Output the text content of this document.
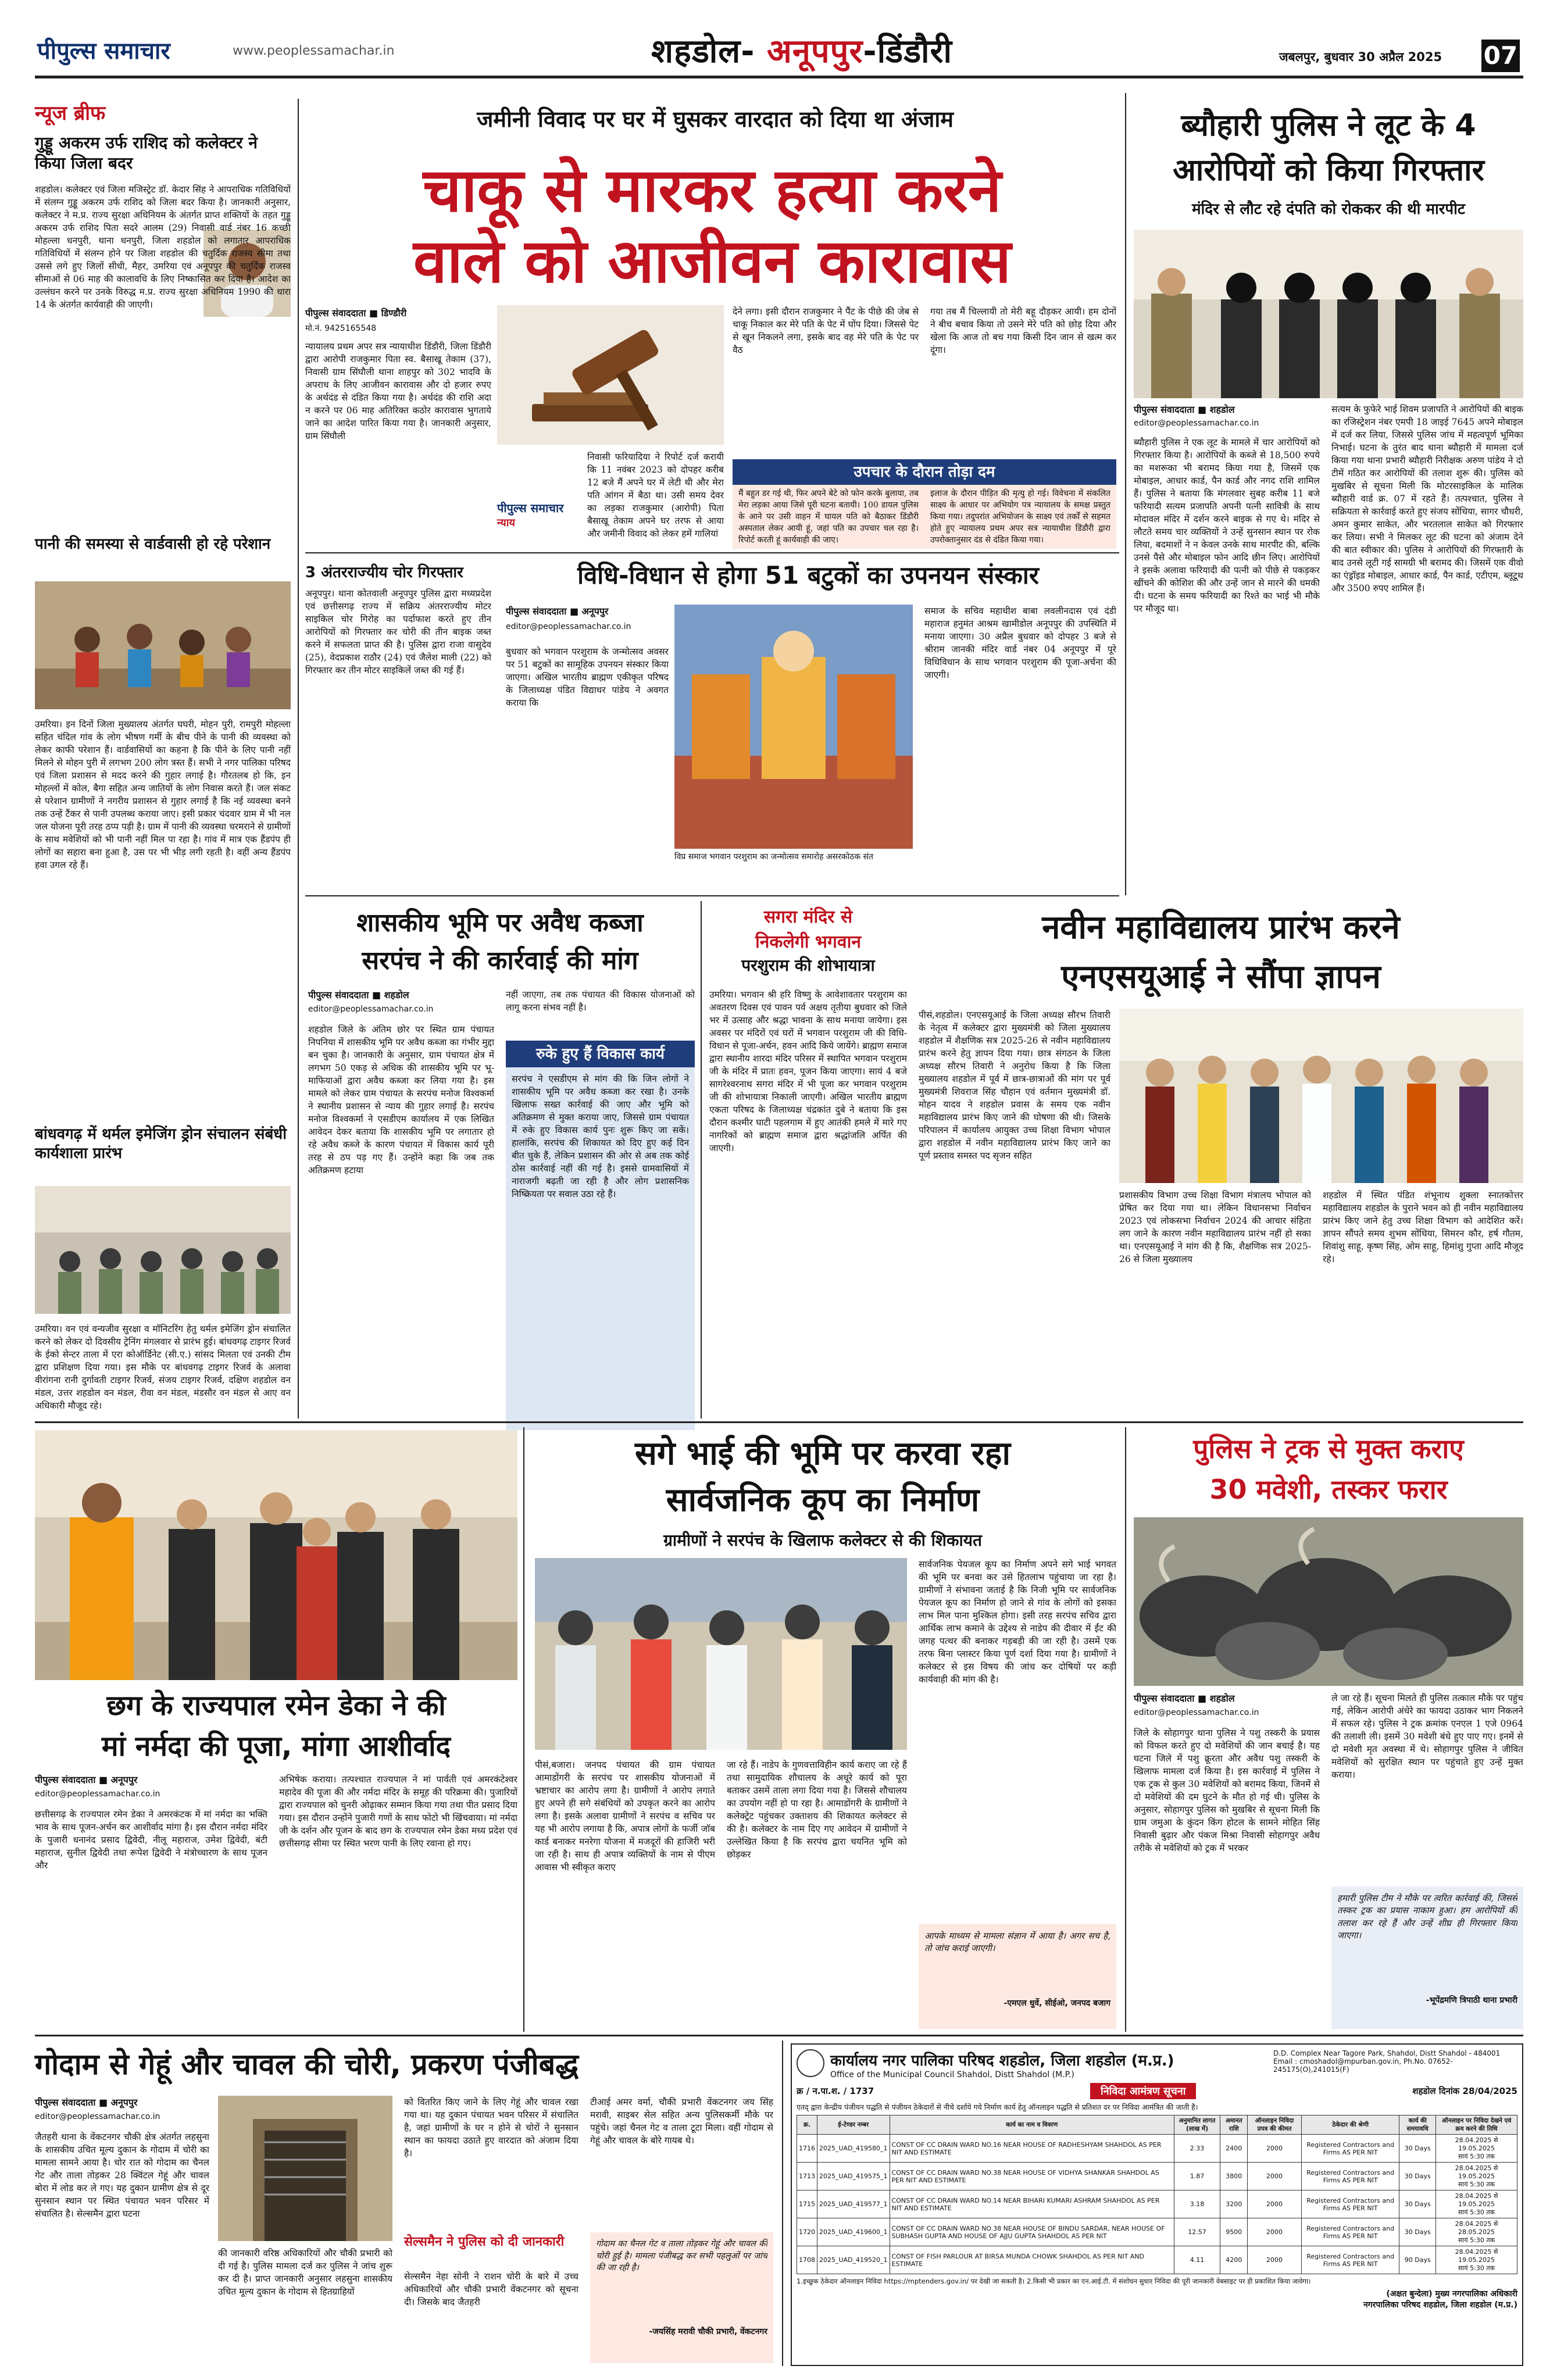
पीपुल्स समाचार	www.peoplessamachar.in	शहडोल- अनूपपुर-डिंडौरी	जबलपुर, बुधवार 30 अप्रैल 2025 07
न्यूज ब्रीफ
गुड्डू अकरम उर्फ राशिद को कलेक्टर ने किया जिला बदर
शहडोल। कलेक्टर एवं जिला मजिस्ट्रेट डॉ. केदार सिंह ने आपराधिक गतिविधियों में संलग्न गुड्डू अकरम उर्फ राशिद को जिला बदर किया है। जानकारी अनुसार, कलेक्टर ने म.प्र. राज्य सुरक्षा अधिनियम के अंतर्गत प्राप्त शक्तियों के तहत गुड्डू अकरम उर्फ राशिद पिता सदरे आलम (29) निवासी वार्ड नंबर 16 कच्छी मोहल्ला धनपुरी, थाना धनपुरी, जिला शहडोल को लगातार आपराधिक गतिविधियों में संलग्न होने पर जिला शहडोल की चतुर्दिक राजस्व सीमा तथा उससे लगे हुए जिलों सीधी, मैहर, उमरिया एवं अनूपपुर की चतुर्दिक राजस्व सीमाओं से 06 माह की कालावधि के लिए निष्कासित कर दिया है। आदेश का उल्लंघन करने पर उनके विरुद्ध म.प्र. राज्य सुरक्षा अधिनियम 1990 की धारा 14 के अंतर्गत कार्यवाही की जाएगी।
पानी की समस्या से वार्डवासी हो रहे परेशान
उमरिया। इन दिनों जिला मुख्यालय अंतर्गत घघरी, मोहन पुरी, रामपुरी मोहल्ला सहित चंदिल गांव के लोग भीषण गर्मी के बीच पीने के पानी की व्यवस्था को लेकर काफी परेशान हैं। वार्डवासियों का कहना है कि पीने के लिए पानी नहीं मिलने से मोहन पुरी में लगभग 200 लोग त्रस्त हैं। सभी ने नगर पालिका परिषद एवं जिला प्रशासन से मदद करने की गुहार लगाई है। गौरतलब हो कि, इन मोहल्लों में कोल, बैगा सहित अन्य जातियों के लोग निवास करते हैं। जल संकट से परेशान ग्रामीणों ने नगरीय प्रशासन से गुहार लगाई है कि नई व्यवस्था बनने तक उन्हें टैंकर से पानी उपलब्ध कराया जाए। इसी प्रकार चंदवार ग्राम में भी नल जल योजना पूरी तरह ठप्प पड़ी है। ग्राम में पानी की व्यवस्था चरमराने से ग्रामीणों के साथ मवेशियों को भी पानी नहीं मिल पा रहा है। गांव में मात्र एक हैंडपंप ही लोगों का सहारा बना हुआ है, उस पर भी भीड़ लगी रहती है। वहीं अन्य हैंडपंप हवा उगल रहे हैं।
बांधवगढ़ में थर्मल इमेजिंग ड्रोन संचालन संबंधी कार्यशाला प्रारंभ
उमरिया। वन एवं वन्यजीव सुरक्षा व मॉनिटरिंग हेतु थर्मल इमेजिंग ड्रोन संचालित करने को लेकर दो दिवसीय ट्रेनिंग मंगलवार से प्रारंभ हुई। बांधवगढ़ टाइगर रिजर्व के ईको सेन्टर ताला में एरा कोऑर्डिनेट (सी.ए.) सांसद मिलता एवं उनकी टीम द्वारा प्रशिक्षण दिया गया। इस मौके पर बांधवगढ़ टाइगर रिजर्व के अलावा वीरांगना रानी दुर्गावती टाइगर रिजर्व, संजय टाइगर रिजर्व, दक्षिण शहडोल वन मंडल, उत्तर शहडोल वन मंडल, रीवा वन मंडल, मंडसौर वन मंडल से आए वन अधिकारी मौजूद रहे।
जमीनी विवाद पर घर में घुसकर वारदात को दिया था अंजाम
चाकू से मारकर हत्या करने
वाले को आजीवन कारावास
पीपुल्स संवाददाता ■ डिण्डौरी
मो.नं. 9425165548
न्यायालय प्रथम अपर सत्र न्यायाधीश डिंडौरी, जिला डिंडौरी द्वारा आरोपी राजकुमार पिता स्व. बैसाखू तेकाम (37), निवासी ग्राम सिंघौली थाना शाहपुर को 302 भादवि के अपराध के लिए आजीवन कारावास और दो हजार रुपए के अर्थदंड से दंडित किया गया है। अर्थदंड की राशि अदा न करने पर 06 माह अतिरिक्त कठोर कारावास भुगताये जाने का आदेश पारित किया गया है। जानकारी अनुसार, ग्राम सिंघौली
पीपुल्स समाचार
न्याय
निवासी फरियादिया ने रिपोर्ट दर्ज करायी कि 11 नवंबर 2023 को दोपहर करीब 12 बजे मैं अपने घर में लेटी थी और मेरा पति आंगन में बैठा था। उसी समय देवर का लड़का राजकुमार (आरोपी) पिता बैसाखू तेकाम अपने घर तरफ से आया और जमीनी विवाद को लेकर हमें गालियां
देने लगा। इसी दौरान राजकुमार ने पैंट के पीछे की जेब से चाकू निकाल कर मेरे पति के पेट में घोंप दिया। जिससे पेट से खून निकलने लगा, इसके बाद वह मेरे पति के पेट पर वैठ
गया तब मैं चिल्लायी तो मेरी बहू दौड़कर आयी। हम दोनों ने बीच बचाव किया तो उसने मेरे पति को छोड़ दिया और खेला कि आज तो बच गया किसी दिन जान से खत्म कर दूंगा।
उपचार के दौरान तोड़ा दम
मैं बहुत डर गई थी, फिर अपने बेटे को फोन करके बुलाया, तब मेरा लड़का आया जिसे पूरी घटना बतायी। 100 डायल पुलिस के आने पर उसी वाहन में घायल पति को बैठाकर डिंडौरी अस्पताल लेकर आयी हूं, जहां पति का उपचार चल रहा है। रिपोर्ट करती हूं कार्यवाही की जाए।
इलाज के दौरान पीड़ित की मृत्यु हो गई। विवेचना में संकलित साक्ष्य के आधार पर अभियोग पत्र न्यायालय के समक्ष प्रस्तुत किया गया। तदुपरांत अभियोजन के साक्ष्य एवं तर्कों से सहमत होते हुए न्यायालय प्रथम अपर सत्र न्यायाधीश डिंडौरी द्वारा उपरोक्तानुसार दंड से दंडित किया गया।
3 अंतरराज्यीय चोर गिरफ्तार
अनूपपुर। थाना कोतवाली अनूपपुर पुलिस द्वारा मध्यप्रदेश एवं छत्तीसगढ़ राज्य में सक्रिय अंतरराज्यीय मोटर साइकिल चोर गिरोह का पर्दाफाश करते हुए तीन आरोपियों को गिरफ्तार कर चोरी की तीन बाइक जब्त करने में सफलता प्राप्त की है। पुलिस द्वारा राजा वासुदेव (25), वेदप्रकाश राठौर (24) एवं जैलेश माली (22) को गिरफ्तार कर तीन मोटर साइकिलें जब्त की गई हैं।
विधि-विधान से होगा 51 बटुकों का उपनयन संस्कार
पीपुल्स संवाददाता ■ अनूपपुर
editor@peoplessamachar.co.in
बुधवार को भगवान परशुराम के जन्मोत्सव अवसर पर 51 बटुकों का सामूहिक उपनयन संस्कार किया जाएगा। अखिल भारतीय ब्राह्मण एकीकृत परिषद के जिलाध्यक्ष पंडित विद्याधर पांडेय ने अवगत कराया कि
विप्र समाज भगवान परशुराम का जन्मोत्सव समारोह असरकोठक संत
समाज के सचिव महाधीश बाबा लवलीनदास एवं दंडी महाराज हनुमंत आश्रम खामीडोल अनूपपुर की उपस्थिति में मनाया जाएगा। 30 अप्रैल बुधवार को दोपहर 3 बजे से श्रीराम जानकी मंदिर वार्ड नंबर 04 अनूपपुर में पूरे विधिविधान के साथ भगवान परशुराम की पूजा-अर्चना की जाएगी।
ब्यौहारी पुलिस ने लूट के 4
आरोपियों को किया गिरफ्तार
मंदिर से लौट रहे दंपति को रोककर की थी मारपीट
पीपुल्स संवाददाता ■ शहडोल
editor@peoplessamachar.co.in
ब्यौहारी पुलिस ने एक लूट के मामले में चार आरोपियों को गिरफ्तार किया है। आरोपियों के कब्जे से 18,500 रुपये का मशरूका भी बरामद किया गया है, जिसमें एक मोबाइल, आधार कार्ड, पैन कार्ड और नगद राशि शामिल हैं। पुलिस ने बताया कि मंगलवार सुबह करीब 11 बजे फरियादी सत्यम प्रजापति अपनी पत्नी सावित्री के साथ मोदावल मंदिर में दर्शन करने बाइक से गए थे। मंदिर से लौटते समय चार व्यक्तियों ने उन्हें सुनसान स्थान पर रोक लिया, बदमाशों ने न केवल उनके साथ मारपीट की, बल्कि उनसे पैसे और मोबाइल फोन आदि छीन लिए। आरोपियों ने इसके अलावा फरियादी की पत्नी को पीछे से पकड़कर खींचने की कोशिश की और उन्हें जान से मारने की धमकी दी। घटना के समय फरियादी का रिश्ते का भाई भी मौके पर मौजूद था।
सत्यम के फुफेरे भाई शिवम प्रजापति ने आरोपियों की बाइक का रजिस्ट्रेशन नंबर एमपी 18 जाइई 7645 अपने मोबाइल में दर्ज कर लिया, जिससे पुलिस जांच में महत्वपूर्ण भूमिका निभाई। घटना के तुरंत बाद थाना ब्यौहारी में मामला दर्ज किया गया थाना प्रभारी ब्यौहारी निरीक्षक अरुण पांडेय ने दो टीमें गठित कर आरोपियों की तलाश शुरू की। पुलिस को मुखबिर से सूचना मिली कि मोटरसाइकिल के मालिक ब्यौहारी वार्ड क्र. 07 में रहते हैं। तत्पश्चात, पुलिस ने सक्रियता से कार्रवाई करते हुए संजय सोंधिया, सागर चौधरी, अमन कुमार साकेत, और भरतलाल साकेत को गिरफ्तार कर लिया। सभी ने मिलकर लूट की घटना को अंजाम देने की बात स्वीकार की। पुलिस ने आरोपियों की गिरफ्तारी के बाद उनसे लूटी गई सामग्री भी बरामद की। जिसमें एक वीवो का एंड्रॉइड मोबाइल, आधार कार्ड, पैन कार्ड, एटीएम, ब्लूटूथ और 3500 रुपए शामिल हैं।
शासकीय भूमि पर अवैध कब्जा
सरपंच ने की कार्रवाई की मांग
पीपुल्स संवाददाता ■ शहडोल
editor@peoplessamachar.co.in
शहडोल जिले के अंतिम छोर पर स्थित ग्राम पंचायत निपनिया में शासकीय भूमि पर अवैध कब्जा का गंभीर मुद्दा बन चुका है। जानकारी के अनुसार, ग्राम पंचायत क्षेत्र में लगभग 50 एकड़ से अधिक की शासकीय भूमि पर भू-माफियाओं द्वारा अवैध कब्जा कर लिया गया है। इस मामले को लेकर ग्राम पंचायत के सरपंच मनोज विश्वकर्मा ने स्थानीय प्रशासन से न्याय की गुहार लगाई है। सरपंच मनोज विश्वकर्मा ने एसडीएम कार्यालय में एक लिखित आवेदन देकर बताया कि शासकीय भूमि पर लगातार हो रहे अवैध कब्जे के कारण पंचायत में विकास कार्य पूरी तरह से ठप पड़ गए हैं। उन्होंने कहा कि जब तक अतिक्रमण हटाया
नहीं जाएगा, तब तक पंचायत की विकास योजनाओं को लागू करना संभव नहीं है।
रुके हुए हैं विकास कार्य
सरपंच ने एसडीएम से मांग की कि जिन लोगों ने शासकीय भूमि पर अवैध कब्जा कर रखा है। उनके खिलाफ सख्त कार्रवाई की जाए और भूमि को अतिक्रमण से मुक्त कराया जाए, जिससे ग्राम पंचायत में रुके हुए विकास कार्य पुनः शुरू किए जा सकें। हालांकि, सरपंच की शिकायत को दिए हुए कई दिन बीत चुके हैं, लेकिन प्रशासन की ओर से अब तक कोई ठोस कार्रवाई नहीं की गई है। इससे ग्रामवासियों में नाराजगी बढ़ती जा रही है और लोग प्रशासनिक निष्क्रियता पर सवाल उठा रहे हैं।
सगरा मंदिर से
निकलेगी भगवान
परशुराम की शोभायात्रा
उमरिया। भगवान श्री हरि विष्णु के आवेशावतार परशुराम का अवतरण दिवस एवं पावन पर्व अक्षय तृतीया बुधवार को जिले भर में उत्साह और श्रद्धा भावना के साथ मनाया जायेगा। इस अवसर पर मंदिरों एवं घरों में भगवान परशुराम जी की विधि-विधान से पूजा-अर्चन, हवन आदि किये जायेंगे। ब्राह्मण समाज द्वारा स्थानीय शारदा मंदिर परिसर में स्थापित भगवान परशुराम जी के मंदिर में प्रातः हवन, पूजन किया जाएगा। सायं 4 बजे सागरेश्वरनाथ सगरा मंदिर में भी पूजा कर भगवान परशुराम जी की शोभायात्रा निकाली जाएगी। अखिल भारतीय ब्राह्मण एकता परिषद के जिलाध्यक्ष चंद्रकांत दुबे ने बताया कि इस दौरान कश्मीर घाटी पहलगाम में हुए आतंकी हमले में मारे गए नागरिकों को ब्राह्मण समाज द्वारा श्रद्धांजलि अर्पित की जाएगी।
नवीन महाविद्यालय प्रारंभ करने
एनएसयूआई ने सौंपा ज्ञापन
पीसं,शहडोल। एनएसयूआई के जिला अध्यक्ष सौरभ तिवारी के नेतृत्व में कलेक्टर द्वारा मुख्यमंत्री को जिला मुख्यालय शहडोल में शैक्षणिक सत्र 2025-26 से नवीन महाविद्यालय प्रारंभ करने हेतु ज्ञापन दिया गया। छात्र संगठन के जिला अध्यक्ष सौरभ तिवारी ने अनुरोध किया है कि जिला मुख्यालय शहडोल में पूर्व में छात्र-छात्राओं की मांग पर पूर्व मुख्यमंत्री शिवराज सिंह चौहान एवं वर्तमान मुख्यमंत्री डॉ. मोहन यादव ने शहडोल प्रवास के समय एक नवीन महाविद्यालय प्रारंभ किए जाने की घोषणा की थी। जिसके परिपालन में कार्यालय आयुक्त उच्च शिक्षा विभाग भोपाल द्वारा शहडोल में नवीन महाविद्यालय प्रारंभ किए जाने का पूर्ण प्रस्ताव समस्त पद सृजन सहित
प्रशासकीय विभाग उच्च शिक्षा विभाग मंत्रालय भोपाल को प्रेषित कर दिया गया था। लेकिन विधानसभा निर्वाचन 2023 एवं लोकसभा निर्वाचन 2024 की आचार संहिता लग जाने के कारण नवीन महाविद्यालय प्रारंभ नहीं हो सका था। एनएसयूआई ने मांग की है कि, शैक्षणिक सत्र 2025-26 से जिला मुख्यालय
शहडोल में स्थित पंडित शंभूनाथ शुक्ला स्नातकोत्तर महाविद्यालय शहडोल के पुराने भवन को ही नवीन महाविद्यालय प्रारंभ किए जाने हेतु उच्च शिक्षा विभाग को आदेशित करें। ज्ञापन सौंपते समय शुभम सोंधिया, सिमरन कौर, हर्ष गौतम, शिवांशु साहू, कृष्ण सिंह, ओम साहू, हिमांशु गुप्ता आदि मौजूद रहे।
छग के राज्यपाल रमेन डेका ने की
मां नर्मदा की पूजा, मांगा आशीर्वाद
पीपुल्स संवाददाता ■ अनूपपुर
editor@peoplessamachar.co.in
छत्तीसगढ़ के राज्यपाल रमेन डेका ने अमरकंटक में मां नर्मदा का भक्ति भाव के साथ पूजन-अर्चन कर आशीर्वाद मांगा है। इस दौरान नर्मदा मंदिर के पुजारी धनानंद प्रसाद द्विवेदी, नीलू महाराज, उमेश द्विवेदी, बंटी महाराज, सुनील द्विवेदी तथा रूपेश द्विवेदी ने मंत्रोच्चारण के साथ पूजन और
अभिषेक कराया। तत्पश्चात राज्यपाल ने मां पार्वती एवं अमरकंटेश्वर महादेव की पूजा की और नर्मदा मंदिर के समूह की परिक्रमा की। पुजारियों द्वारा राज्यपाल को चुनरी ओढ़ाकर सम्मान किया गया तथा पीत प्रसाद दिया गया। इस दौरान उन्होंने पुजारी गणों के साथ फोटो भी खिंचवाया। मां नर्मदा जी के दर्शन और पूजन के बाद छग के राज्यपाल रमेन डेका मध्य प्रदेश एवं छत्तीसगढ़ सीमा पर स्थित भरण पानी के लिए रवाना हो गए।
सगे भाई की भूमि पर करवा रहा
सार्वजनिक कूप का निर्माण
ग्रामीणों ने सरपंच के खिलाफ कलेक्टर से की शिकायत
पीसं,बजारा। जनपद पंचायत की ग्राम पंचायत आमाडोंगरी के सरपंच पर शासकीय योजनाओं में भ्रष्टाचार का आरोप लगा है। ग्रामीणों ने आरोप लगाते हुए अपने ही सगे संबंधियों को उपकृत करने का आरोप लगा है। इसके अलावा ग्रामीणों ने सरपंच व सचिव पर यह भी आरोप लगाया है कि, अपात्र लोगों के फर्जी जॉब कार्ड बनाकर मनरेगा योजना में मजदूरों की हाजिरी भरी जा रही है। साथ ही अपात्र व्यक्तियों के नाम से पीएम आवास भी स्वीकृत कराए
जा रहे हैं। नाडेप के गुणवत्ताविहीन कार्य कराए जा रहे हैं तथा सामुदायिक शौचालय के अधूरे कार्य को पूरा बताकर उसमें ताला लगा दिया गया है। जिससे शौचालय का उपयोग नहीं हो पा रहा है। आमाडोंगरी के ग्रामीणों ने कलेक्ट्रेट पहुंचकर उक्ताशय की शिकायत कलेक्टर से की है। कलेक्टर के नाम दिए गए आवेदन में ग्रामीणों ने उल्लेखित किया है कि सरपंच द्वारा चयनित भूमि को छोड़कर
सार्वजनिक पेयजल कूप का निर्माण अपने सगे भाई भगवत की भूमि पर बनवा कर उसे हितलाभ पहुंचाया जा रहा है। ग्रामीणों ने संभावना जताई है कि निजी भूमि पर सार्वजनिक पेयजल कूप का निर्माण हो जाने से गांव के लोगों को इसका लाभ मिल पाना मुश्किल होगा। इसी तरह सरपंच सचिव द्वारा आर्थिक लाभ कमाने के उद्देश्य से नाडेप की दीवार में ईंट की जगह पत्थर की बनाकर गड़बड़ी की जा रही है। उसमें एक तरफ बिना प्लास्टर किया पूर्ण दर्शा दिया गया है। ग्रामीणों ने कलेक्टर से इस विषय की जांच कर दोषियों पर कड़ी कार्यवाही की मांग की है।
आपके माध्यम से मामला संज्ञान में आया है। अगर सच है, तो जांच कराई जाएगी।
-एमएल धुर्वे, सीईओ, जनपद बजाग
पुलिस ने ट्रक से मुक्त कराए
30 मवेशी, तस्कर फरार
पीपुल्स संवाददाता ■ शहडोल
editor@peoplessamachar.co.in
जिले के सोहागपुर थाना पुलिस ने पशु तस्करी के प्रयास को विफल करते हुए दो मवेशियों की जान बचाई है। यह घटना जिले में पशु क्रूरता और अवैध पशु तस्करी के खिलाफ मामला दर्ज किया है। इस कार्रवाई में पुलिस ने एक ट्रक से कुल 30 मवेशियों को बरामद किया, जिनमें से दो मवेशियों की दम घुटने के मौत हो गई थी। पुलिस के अनुसार, सोहागपुर पुलिस को मुखबिर से सूचना मिली कि ग्राम जमुआ के कुंदन किंग होटल के सामने मोहित सिंह निवासी बुढ़ार और पंकज मिश्रा निवासी सोहागपुर अवैध तरीके से मवेशियों को ट्रक में भरकर
ले जा रहे हैं। सूचना मिलते ही पुलिस तत्काल मौके पर पहुंच गई, लेकिन आरोपी अंधेरे का फायदा उठाकर भाग निकलने में सफल रहे। पुलिस ने ट्रक क्रमांक एनएल 1 एजे 0964 की तलाशी ली। इसमें 30 मवेशी बंधे हुए पाए गए। इनमें से दो मवेशी मृत अवस्था में थे। सोहागपुर पुलिस ने जीवित मवेशियों को सुरक्षित स्थान पर पहुंचाते हुए उन्हें मुक्त कराया।
हमारी पुलिस टीम ने मौके पर त्वरित कार्रवाई की, जिससे तस्कर ट्रक का प्रयास नाकाम हुआ। हम आरोपियों की तलाश कर रहे हैं और उन्हें शीघ्र ही गिरफ्तार किया जाएगा।
-भूपेंद्रमणि त्रिपाठी थाना प्रभारी
गोदाम से गेहूं और चावल की चोरी, प्रकरण पंजीबद्ध
पीपुल्स संवाददाता ■ अनूपपुर
editor@peoplessamachar.co.in
जैतहरी थाना के वेंकटनगर चौकी क्षेत्र अंतर्गत लहसुना के शासकीय उचित मूल्य दुकान के गोदाम में चोरी का मामला सामने आया है। चोर रात को गोदाम का चैनल गेट और ताला तोड़कर 28 क्विंटल गेहूं और चावल बोरा में लोड कर ले गए। यह दुकान ग्रामीण क्षेत्र से दूर सुनसान स्थान पर स्थित पंचायत भवन परिसर में संचालित है। सेल्समैन द्वारा घटना
की जानकारी वरिष्ठ अधिकारियों और चौकी प्रभारी को दी गई है। पुलिस मामला दर्ज कर पुलिस ने जांच शुरू कर दी है। प्राप्त जानकारी अनुसार लहसुना शासकीय उचित मूल्य दुकान के गोदाम से हितग्राहियों
को वितरित किए जाने के लिए गेहूं और चावल रखा गया था। यह दुकान पंचायत भवन परिसर में संचालित है, जहां ग्रामीणों के घर न होने से चोरों ने सुनसान स्थान का फायदा उठाते हुए वारदात को अंजाम दिया है।
सेल्समैन ने पुलिस को दी जानकारी
सेल्समैन नेहा सोनी ने राशन चोरी के बारे में उच्च अधिकारियों और चौकी प्रभारी वेंकटनगर को सूचना दी। जिसके बाद जैतहरी
टीआई अमर वर्मा, चौकी प्रभारी वेंकटनगर जय सिंह मरावी, साइबर सेल सहित अन्य पुलिसकर्मी मौके पर पहुंचे। जहां चैनल गेट व ताला टूटा मिला। वहीं गोदाम से गेहूं और चावल के बोरे गायब थे।
गोदाम का चैनल गेट व ताला तोड़कर गेहूं और चावल की चोरी हुई है। मामला पंजीबद्ध कर सभी पहलुओं पर जांच की जा रही है।
-जयसिंह मरावी चौकी प्रभारी, वेंकटनगर
कार्यालय नगर पालिका परिषद शहडोल, जिला शहडोल (म.प्र.)
Office of the Municipal Council Shahdol, Distt Shahdol (M.P.)
D.D. Complex Near Tagore Park, Shahdol, Distt Shahdol - 484001
Email : cmoshadol@mpurban.gov.in, Ph.No. 07652-245175(O),241015(F)
क्र / न.पा.श. / 1737	निविदा आमंत्रण सूचना	शहडोल दिनांक 28/04/2025
एतद् द्वारा केन्द्रीय पंजीयन पद्धति से पंजीयन ठेकेदारों से नीचे दर्शाये गये निर्माण कार्य हेतु ऑनलाइन पद्धति से प्रतिशत दर पर निविदा आमंत्रित की जाती है।
क्र.	ई-टेण्डर नम्बर	कार्य का नाम व विवरण	अनुमानित लागत (लाख में)	अमानत राशि	ऑनलाइन निविदा प्रपत्र की कीमत	ठेकेदार की श्रेणी	कार्य की समयावधि	ऑनलाइन पर निविदा देखने एवं क्रय करने की तिथि
1716	2025_UAD_419580_1	CONST OF CC DRAIN WARD NO.16 NEAR HOUSE OF RADHESHYAM SHAHDOL AS PER NIT AND ESTIMATE	2.33	2400	2000	Registered Contractors and Firms AS PER NIT	30 Days	28.04.2025 से 19.05.2025
सायं 5:30 तक

1713	2025_UAD_419575_1	CONST OF CC DRAIN WARD NO.38 NEAR HOUSE OF VIDHYA SHANKAR SHAHDOL AS PER NIT AND ESTIMATE	1.87	3800	2000	Registered Contractors and Firms AS PER NIT	30 Days	28.04.2025 से 19.05.2025
सायं 5:30 तक

1715	2025_UAD_419577_1	CONST OF CC DRAIN WARD NO.14 NEAR BIHARI KUMARI ASHRAM SHAHDOL AS PER NIT AND ESTIMATE	3.18	3200	2000	Registered Contractors and Firms AS PER NIT	30 Days	28.04.2025 से 19.05.2025
सायं 5:30 तक

1720	2025_UAD_419600_1	CONST OF CC DRAIN WARD NO.38 NEAR HOUSE OF BINDU SARDAR, NEAR HOUSE OF SUBHASH GUPTA AND HOUSE OF AJJU GUPTA SHAHDOL AS PER NIT	12.57	9500	2000	Registered Contractors and Firms AS PER NIT	30 Days	28.04.2025 से 28.05.2025
सायं 5:30 तक

1708	2025_UAD_419520_1	CONST OF FISH PARLOUR AT BIRSA MUNDA CHOWK SHAHDOL AS PER NIT AND ESTIMATE	4.11	4200	2000	Registered Contractors and Firms AS PER NIT	90 Days	28.04.2025 से 19.05.2025
सायं 5:30 तक
1.इच्छुक ठेकेदार ऑनलाइन निविदा https://mptenders.gov.in/ पर देखी जा सकती है। 2.किसी भी प्रकार का एन.आई.टी. में संशोधन सुधार निविदा की पूरी जानकारी वेबसाइट पर ही प्रकाशित किया जावेगा।
(अक्षत बुन्देला) मुख्य नगरपालिका अधिकारी
नगरपालिका परिषद शहडोल, जिला शहडोल (म.प्र.)
